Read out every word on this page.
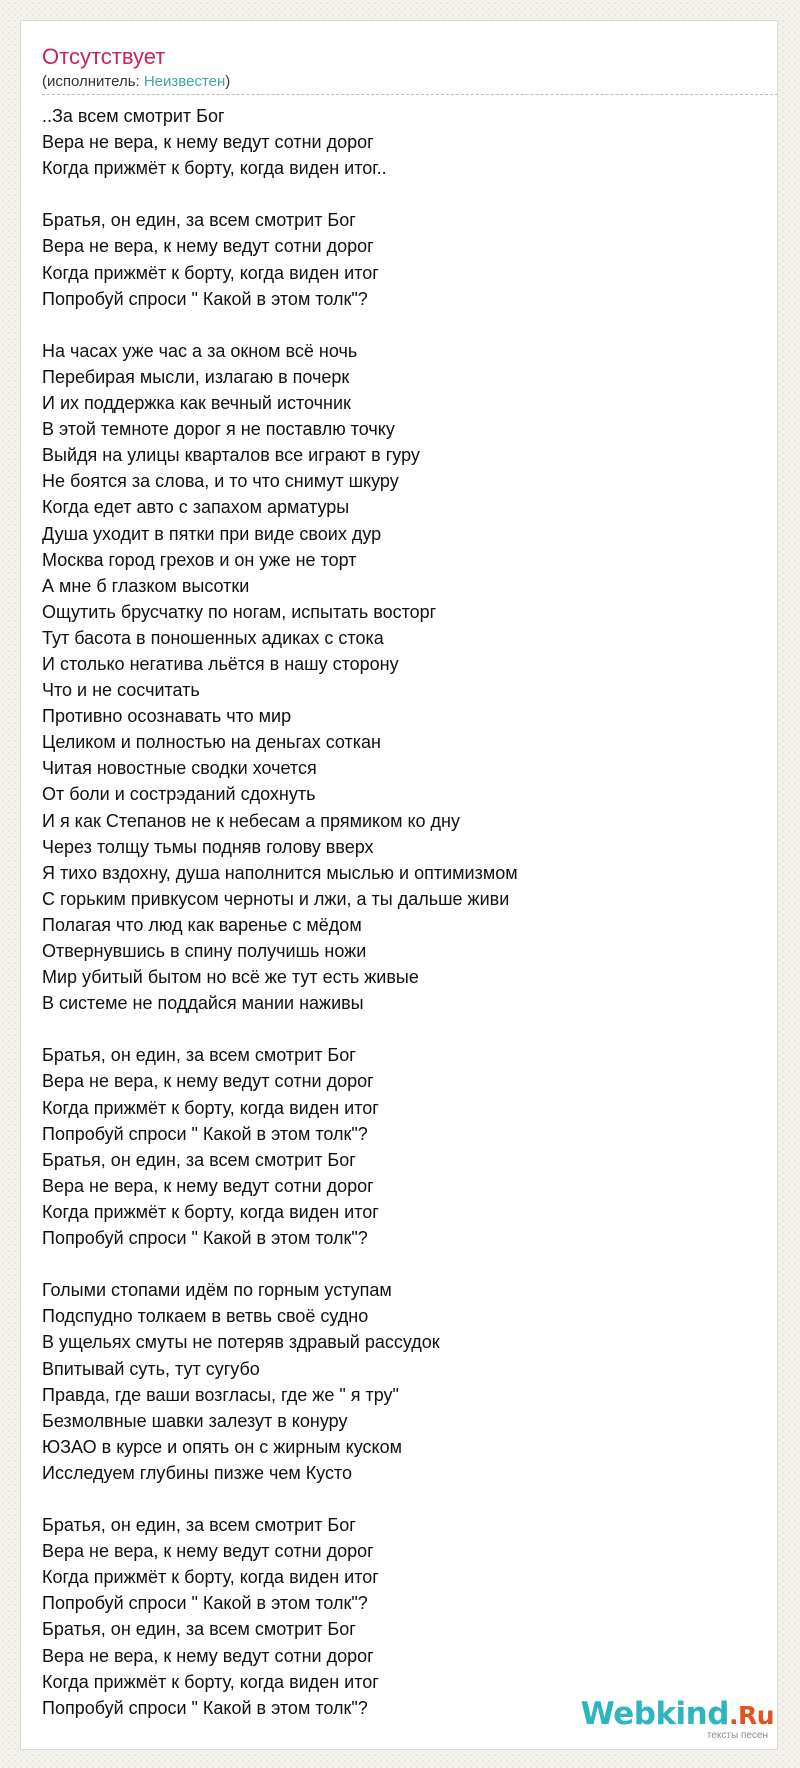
Отсутствует
(исполнитель: Неизвестен)
..За всем смотрит Бог
Вера не вера, к нему ведут сотни дорог
Когда прижмёт к борту, когда виден итог..
Братья, он един, за всем смотрит Бог
Вера не вера, к нему ведут сотни дорог
Когда прижмёт к борту, когда виден итог
Попробуй спроси " Какой в этом толк"?
На часах уже час а за окном всё ночь
Перебирая мысли, излагаю в почерк
И их поддержка как вечный источник
В этой темноте дорог я не поставлю точку
Выйдя на улицы кварталов все играют в гуру
Не боятся за слова, и то что снимут шкуру
Когда едет авто с запахом арматуры
Душа уходит в пятки при виде своих дур
Москва город грехов и он уже не торт
А мне б глазком высотки
Ощутить брусчатку по ногам, испытать восторг
Тут басота в поношенных адиках с стока
И столько негатива льётся в нашу сторону
Что и не сосчитать
Противно осознавать что мир
Целиком и полностью на деньгах соткан
Читая новостные сводки хочется
От боли и сострэданий сдохнуть
И я как Степанов не к небесам а прямиком ко дну
Через толщу тьмы подняв голову вверх
Я тихо вздохну, душа наполнится мыслью и оптимизмом
С горьким привкусом черноты и лжи, а ты дальше живи
Полагая что люд как варенье с мёдом
Отвернувшись в спину получишь ножи
Мир убитый бытом но всё же тут есть живые
В системе не поддайся мании наживы
Братья, он един, за всем смотрит Бог
Вера не вера, к нему ведут сотни дорог
Когда прижмёт к борту, когда виден итог
Попробуй спроси " Какой в этом толк"?
Братья, он един, за всем смотрит Бог
Вера не вера, к нему ведут сотни дорог
Когда прижмёт к борту, когда виден итог
Попробуй спроси " Какой в этом толк"?
Голыми стопами идём по горным уступам
Подспудно толкаем в ветвь своё судно
В ущельях смуты не потеряв здравый рассудок
Впитывай суть, тут сугубо
Правда, где ваши возгласы, где же " я тру"
Безмолвные шавки залезут в конуру
ЮЗАО в курсе и опять он с жирным куском
Исследуем глубины пизже чем Кусто
Братья, он един, за всем смотрит Бог
Вера не вера, к нему ведут сотни дорог
Когда прижмёт к борту, когда виден итог
Попробуй спроси " Какой в этом толк"?
Братья, он един, за всем смотрит Бог
Вера не вера, к нему ведут сотни дорог
Когда прижмёт к борту, когда виден итог
Попробуй спроси " Какой в этом толк"?	Webkind.Ru
тексты песен
